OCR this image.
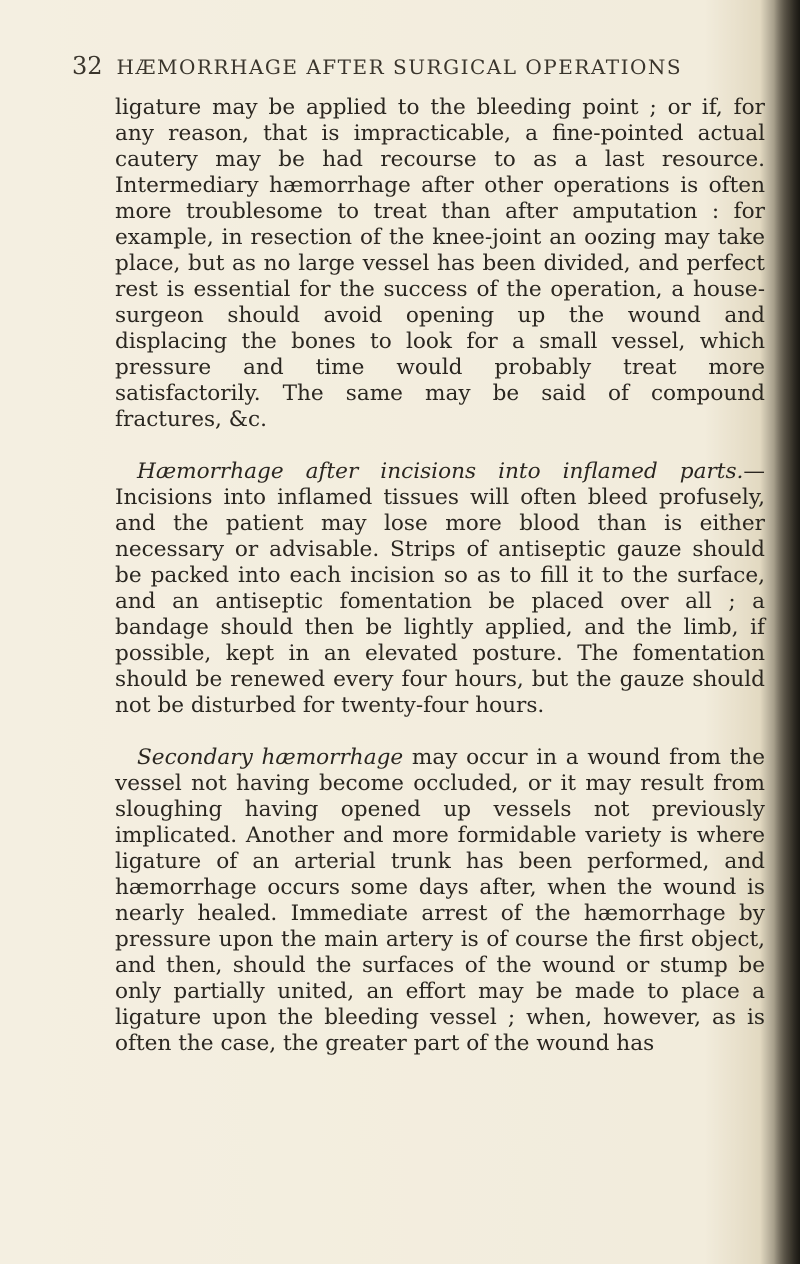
32 HÆMORRHAGE AFTER SURGICAL OPERATIONS

ligature may be applied to the bleeding point ; or if, for any reason, that is impracticable, a fine-pointed actual cautery may be had recourse to as a last resource. Intermediary hæmorrhage after other operations is often more troublesome to treat than after amputation : for example, in resection of the knee-joint an oozing may take place, but as no large vessel has been divided, and perfect rest is essential for the success of the operation, a house-surgeon should avoid opening up the wound and displacing the bones to look for a small vessel, which pressure and time would probably treat more satisfactorily. The same may be said of compound fractures, &c.

Hæmorrhage after incisions into inflamed parts.— Incisions into inflamed tissues will often bleed profusely, and the patient may lose more blood than is either necessary or advisable. Strips of antiseptic gauze should be packed into each incision so as to fill it to the surface, and an antiseptic fomentation be placed over all ; a bandage should then be lightly applied, and the limb, if possible, kept in an elevated posture. The fomentation should be renewed every four hours, but the gauze should not be disturbed for twenty-four hours.

Secondary hæmorrhage may occur in a wound from the vessel not having become occluded, or it may result from sloughing having opened up vessels not previously implicated. Another and more formidable variety is where ligature of an arterial trunk has been performed, and hæmorrhage occurs some days after, when the wound is nearly healed. Immediate arrest of the hæmorrhage by pressure upon the main artery is of course the first object, and then, should the surfaces of the wound or stump be only partially united, an effort may be made to place a ligature upon the bleeding vessel ; when, however, as is often the case, the greater part of the wound has
